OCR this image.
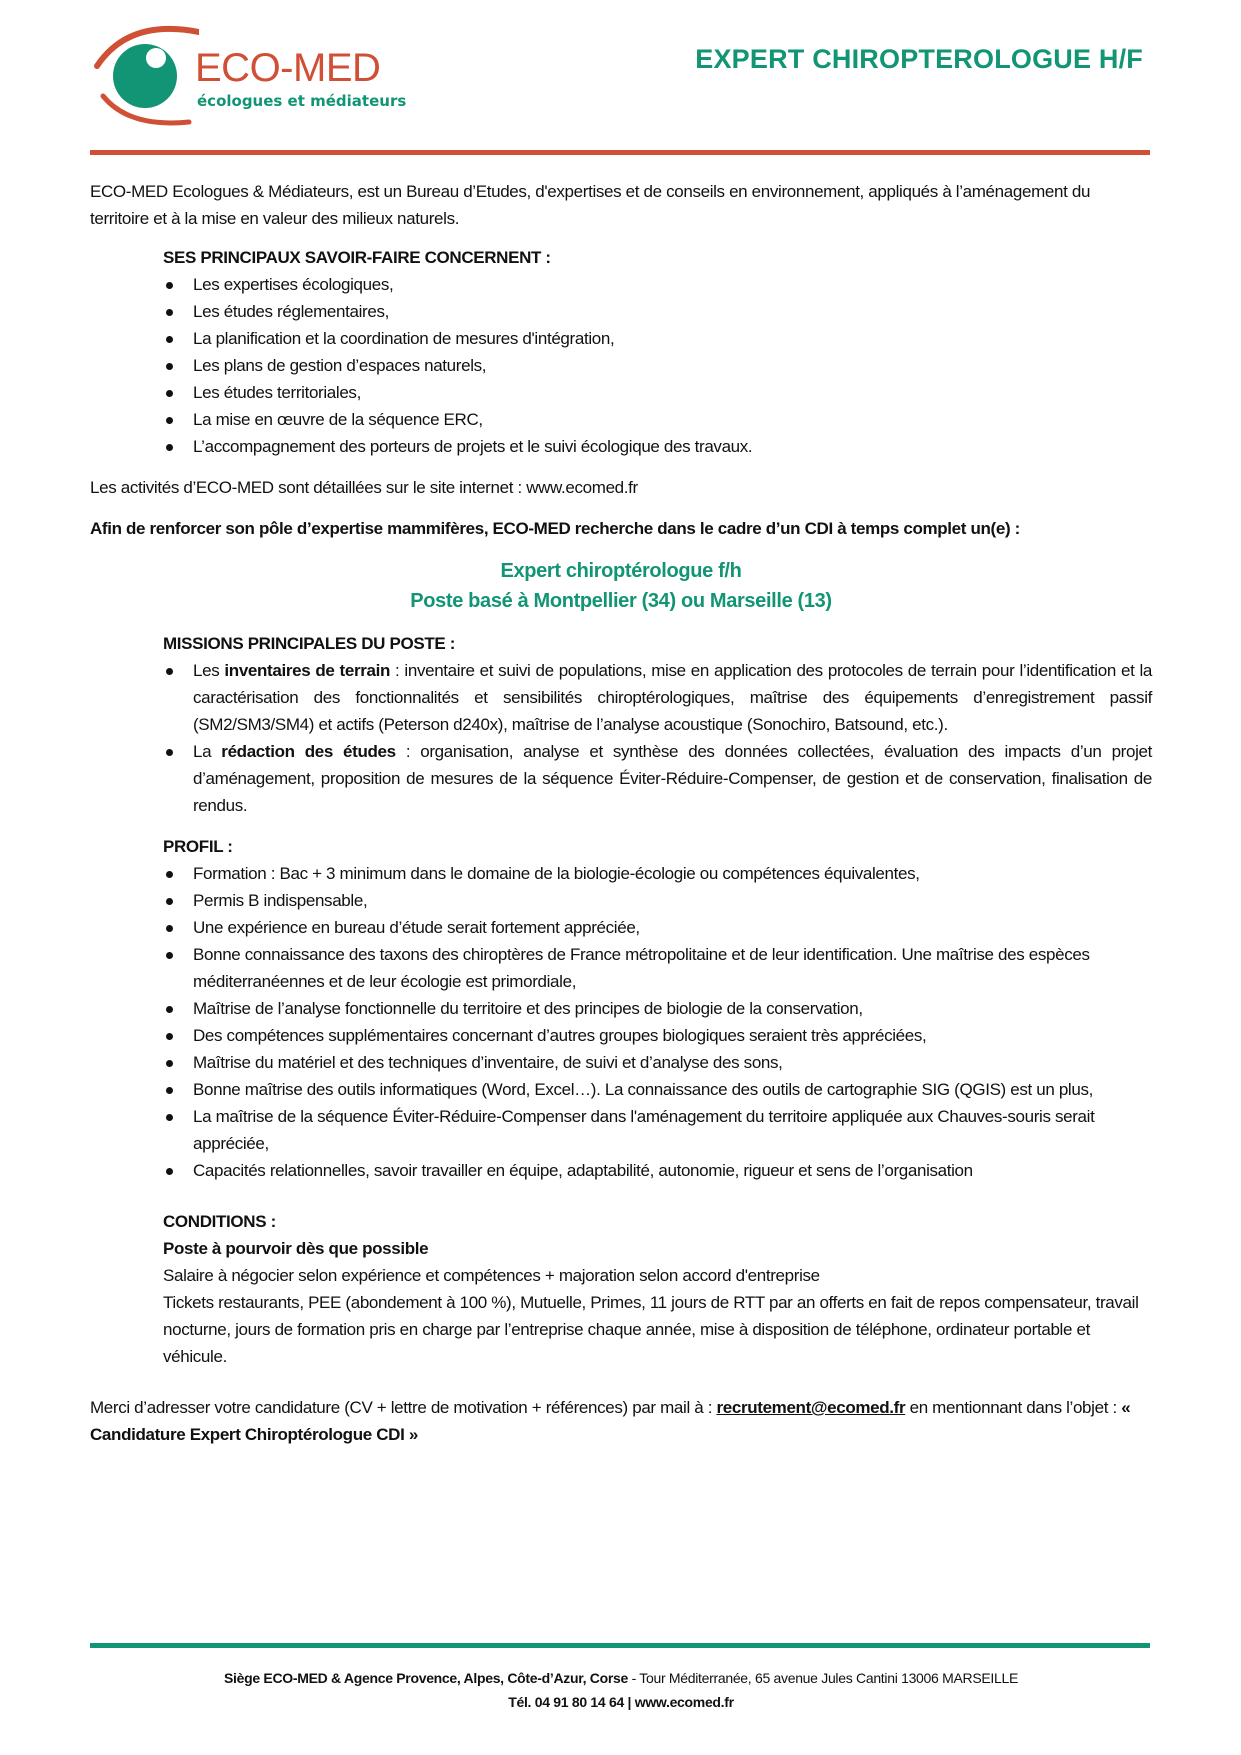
ECO-MED
écologues et médiateurs
EXPERT CHIROPTEROLOGUE H/F

ECO-MED Ecologues & Médiateurs, est un Bureau d’Etudes, d'expertises et de conseils en environnement, appliqués à l’aménagement du territoire et à la mise en valeur des milieux naturels.

SES PRINCIPAUX SAVOIR-FAIRE CONCERNENT :

Les expertises écologiques,
Les études réglementaires,
La planification et la coordination de mesures d'intégration,
Les plans de gestion d’espaces naturels,
Les études territoriales,
La mise en œuvre de la séquence ERC,
L’accompagnement des porteurs de projets et le suivi écologique des travaux.

Les activités d’ECO-MED sont détaillées sur le site internet : www.ecomed.fr

Afin de renforcer son pôle d’expertise mammifères, ECO-MED recherche dans le cadre d’un CDI à temps complet un(e) :

Expert chiroptérologue f/h

Poste basé à Montpellier (34) ou Marseille (13)

MISSIONS PRINCIPALES DU POSTE :

Les inventaires de terrain : inventaire et suivi de populations, mise en application des protocoles de terrain pour l’identification et la caractérisation des fonctionnalités et sensibilités chiroptérologiques, maîtrise des équipements d’enregistrement passif (SM2/SM3/SM4) et actifs (Peterson d240x), maîtrise de l’analyse acoustique (Sonochiro, Batsound, etc.).
La rédaction des études : organisation, analyse et synthèse des données collectées, évaluation des impacts d’un projet d’aménagement, proposition de mesures de la séquence Éviter-Réduire-Compenser, de gestion et de conservation, finalisation de rendus.

PROFIL :

Formation : Bac + 3 minimum dans le domaine de la biologie-écologie ou compétences équivalentes,
Permis B indispensable,
Une expérience en bureau d’étude serait fortement appréciée,
Bonne connaissance des taxons des chiroptères de France métropolitaine et de leur identification. Une maîtrise des espèces méditerranéennes et de leur écologie est primordiale,
Maîtrise de l’analyse fonctionnelle du territoire et des principes de biologie de la conservation,
Des compétences supplémentaires concernant d’autres groupes biologiques seraient très appréciées,
Maîtrise du matériel et des techniques d’inventaire, de suivi et d’analyse des sons,
Bonne maîtrise des outils informatiques (Word, Excel…). La connaissance des outils de cartographie SIG (QGIS) est un plus,
La maîtrise de la séquence Éviter-Réduire-Compenser dans l'aménagement du territoire appliquée aux Chauves-souris serait appréciée,
Capacités relationnelles, savoir travailler en équipe, adaptabilité, autonomie, rigueur et sens de l’organisation

CONDITIONS :

Poste à pourvoir dès que possible

Salaire à négocier selon expérience et compétences + majoration selon accord d'entreprise

Tickets restaurants, PEE (abondement à 100 %), Mutuelle, Primes, 11 jours de RTT par an offerts en fait de repos compensateur, travail nocturne, jours de formation pris en charge par l’entreprise chaque année, mise à disposition de téléphone, ordinateur portable et véhicule.

Merci d’adresser votre candidature (CV + lettre de motivation + références) par mail à : recrutement@ecomed.fr en mentionnant dans l’objet : « Candidature Expert Chiroptérologue CDI »

Siège ECO-MED & Agence Provence, Alpes, Côte-d’Azur, Corse - Tour Méditerranée, 65 avenue Jules Cantini 13006 MARSEILLE

Tél. 04 91 80 14 64 | www.ecomed.fr
